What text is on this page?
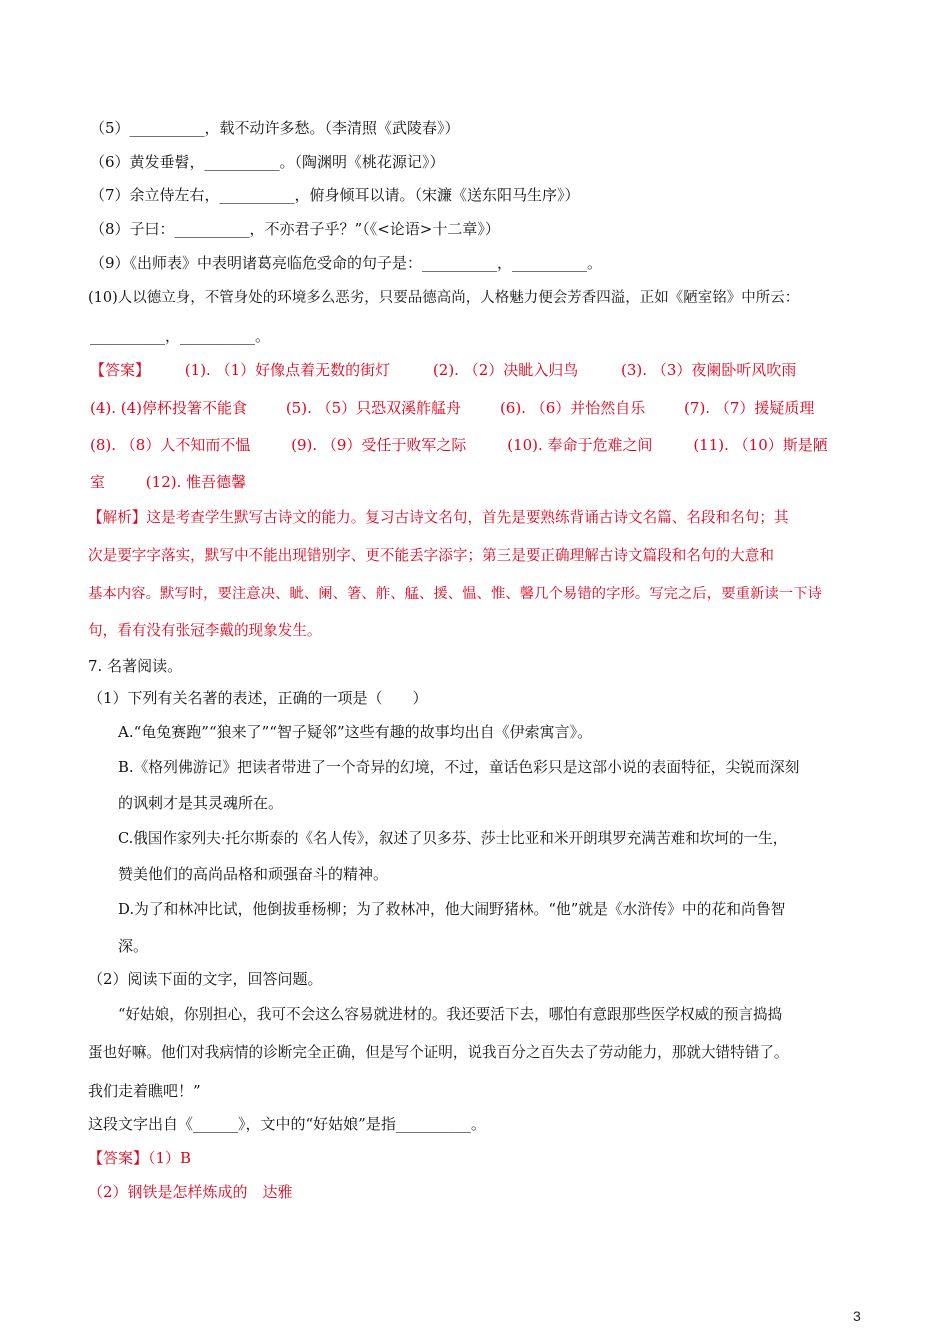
（5）__________，载不动许多愁。（李清照《武陵春》）
（6）黄发垂髫，__________。（陶渊明《桃花源记》）
（7）余立侍左右，__________，俯身倾耳以请。（宋濂《送东阳马生序》）
（8）子曰：__________，不亦君子乎？”（《<论语>十二章》）
（9）《出师表》中表明诸葛亮临危受命的句子是：__________，__________。
(10)人以德立身，不管身处的环境多么恶劣，只要品德高尚，人格魅力便会芳香四溢，正如《陋室铭》中所云：
__________，__________。
【答案】 (1). （1）好像点着无数的街灯	(2). （2）决眦入归鸟	(3). （3）夜阑卧听风吹雨
(4). (4)停杯投箸不能食	(5). （5）只恐双溪舴艋舟	(6). （6）并怡然自乐	(7). （7）援疑质理
(8). （8）人不知而不愠	(9). （9）受任于败军之际	(10). 奉命于危难之间	(11). （10）斯是陋
室	(12). 惟吾德馨
【解析】这是考查学生默写古诗文的能力。复习古诗文名句，首先是要熟练背诵古诗文名篇、名段和名句；其
次是要字字落实，默写中不能出现错别字、更不能丢字添字；第三是要正确理解古诗文篇段和名句的大意和
基本内容。默写时，要注意决、眦、阑、箸、舴、艋、援、愠、惟、馨几个易错的字形。写完之后，要重新读一下诗
句，看有没有张冠李戴的现象发生。
7. 名著阅读。
（1）下列有关名著的表述，正确的一项是（　　）
A.“龟兔赛跑”“狼来了”“智子疑邻”这些有趣的故事均出自《伊索寓言》。
B.《格列佛游记》把读者带进了一个奇异的幻境，不过，童话色彩只是这部小说的表面特征，尖锐而深刻
的讽刺才是其灵魂所在。
C.俄国作家列夫·托尔斯泰的《名人传》，叙述了贝多芬、莎士比亚和米开朗琪罗充满苦难和坎坷的一生，
赞美他们的高尚品格和顽强奋斗的精神。
D.为了和林冲比试，他倒拔垂杨柳；为了救林冲，他大闹野猪林。“他”就是《水浒传》中的花和尚鲁智
深。
（2）阅读下面的文字，回答问题。
“好姑娘，你别担心，我可不会这么容易就进材的。我还要活下去，哪怕有意跟那些医学权威的预言捣捣
蛋也好嘛。他们对我病情的诊断完全正确，但是写个证明，说我百分之百失去了劳动能力，那就大错特错了。
我们走着瞧吧！”
这段文字出自《______》，文中的“好姑娘”是指__________。
【答案】（1）B
（2）钢铁是怎样炼成的　达雅
3
